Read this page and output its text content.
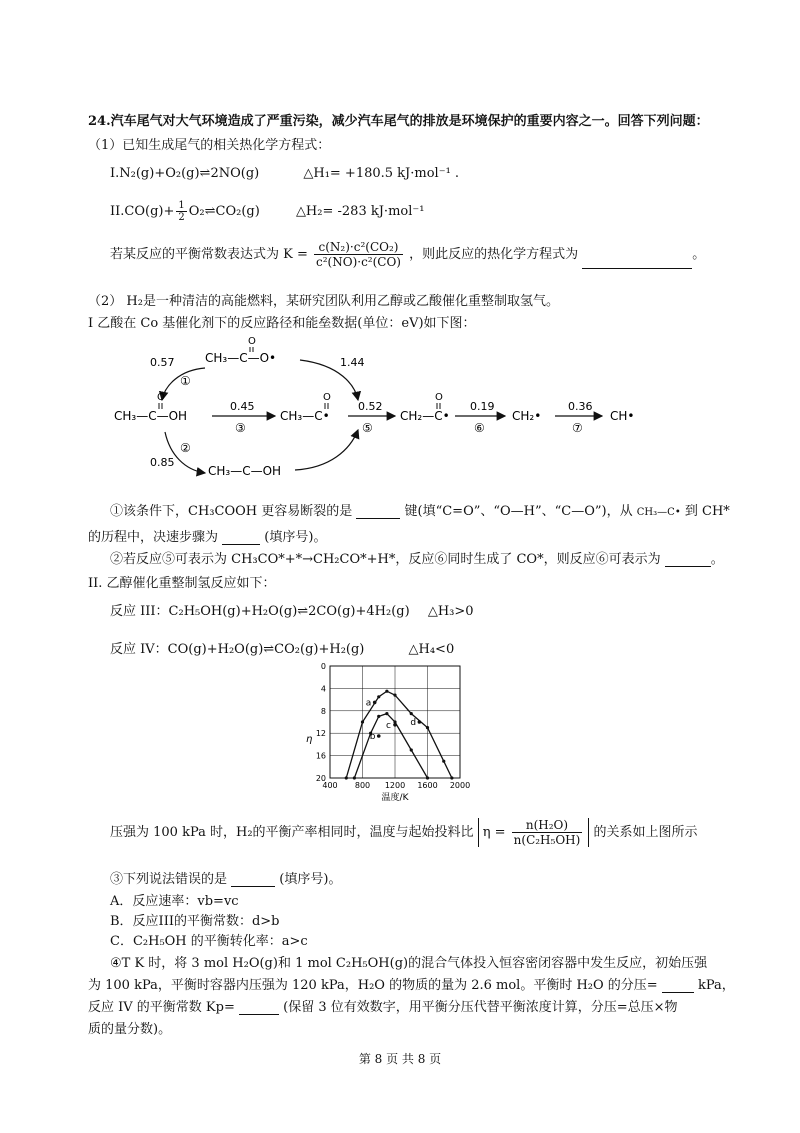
24.汽车尾气对大气环境造成了严重污染，减少汽车尾气的排放是环境保护的重要内容之一。回答下列问题：
（1）已知生成尾气的相关热化学方程式：
I.N₂(g)+O₂(g)⇌2NO(g)	△H₁= +180.5 kJ·mol⁻¹ .
$II.CO(g)+ \frac{1}{2}$ O₂⇌CO₂(g)	△H₂= -283 kJ·mol⁻¹
若某反应的平衡常数表达式为 $K = \frac{\text{c(N₂)·c²(CO₂)}}{\text{c²(NO)·c²(CO)}}$ ，则此反应的热化学方程式为	。
（2） H₂是一种清洁的高能燃料，某研究团队利用乙醇或乙酸催化重整制取氢气。
I 乙酸在 Co 基催化剂下的反应路径和能垒数据(单位：eV)如下图：
CH₃—C—O•
O
CH₃—C—OH
O
CH₃—C•
O
CH₂—C•
O
CH₂•	CH•
CH₃—C—OH
0.57
①
0.85
②
0.45
③
1.44
0.52
⑤
0.19
⑥
0.36
⑦
①该条件下，CH₃COOH 更容易断裂的是	键(填“C=O”、“O—H”、“C—O”)，从 CH₃—C• 到 CH*
的历程中，决速步骤为	(填序号)。
②若反应⑤可表示为 CH₃CO*+*→CH₂CO*+H*，反应⑥同时生成了 CO*，则反应⑥可表示为	。
II. 乙醇催化重整制氢反应如下：
反应 III：C₂H₅OH(g)+H₂O(g)⇌2CO(g)+4H₂(g) △H₃>0
反应 IV：CO(g)+H₂O(g)⇌CO₂(g)+H₂(g)	△H₄<0
400 800 1200 1600 2000
0
4
8
12
16
20
η
温度/K
a
b
c d
压强为 100 kPa 时，H₂的平衡产率相同时，温度与起始投料比 $\eta = \frac{\text{n(H₂O)}}{\text{n(C₂H₅OH)}}$ 的关系如上图所示
③下列说法错误的是	(填序号)。
A．反应速率：vb=vc
B．反应III的平衡常数：d>b
C．C₂H₅OH 的平衡转化率：a>c
④T K 时，将 3 mol H₂O(g)和 1 mol C₂H₅OH(g)的混合气体投入恒容密闭容器中发生反应，初始压强
为 100 kPa，平衡时容器内压强为 120 kPa，H₂O 的物质的量为 2.6 mol。平衡时 H₂O 的分压=	kPa，
反应 IV 的平衡常数 Kp=	(保留 3 位有效数字，用平衡分压代替平衡浓度计算，分压=总压×物
质的量分数)。
第 8 页 共 8 页
